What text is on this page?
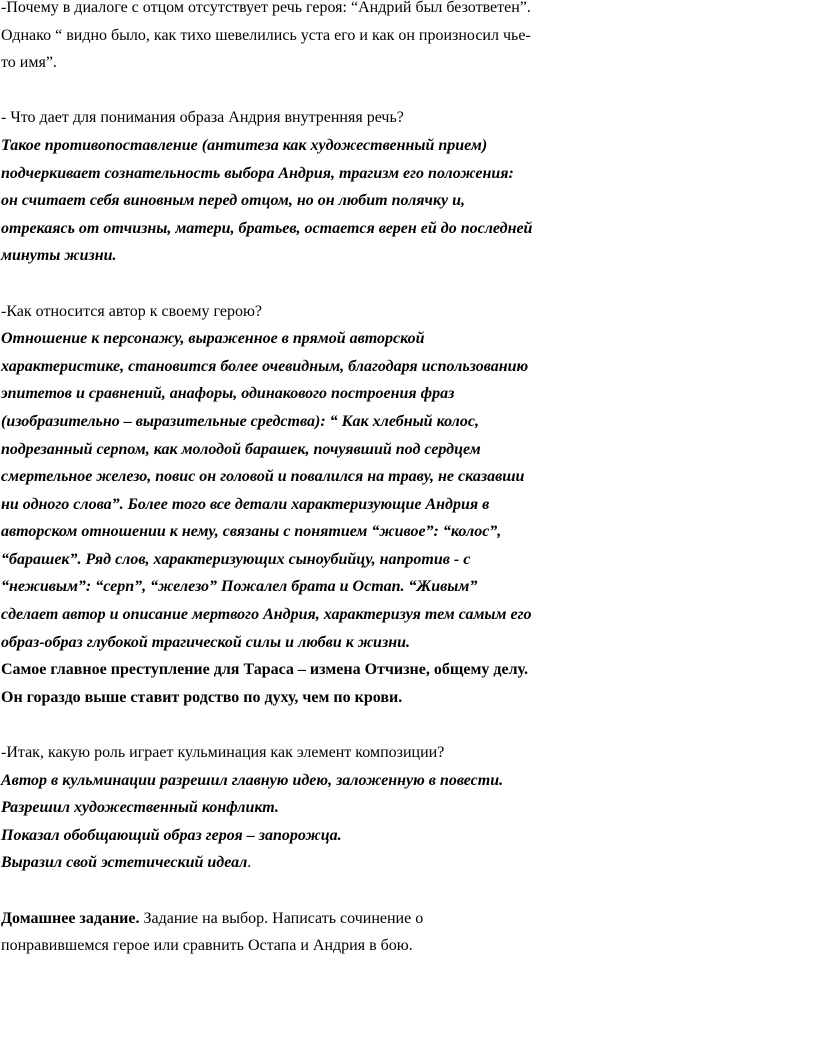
-Почему в диалоге с отцом отсутствует речь героя: “Андрий был безответен”.
Однако “ видно было, как тихо шевелились уста его и как он произносил чье-
то имя”.
- Что дает для понимания образа Андрия внутренняя речь?
Такое противопоставление (антитеза как художественный прием)
подчеркивает сознательность выбора Андрия, трагизм его положения:
он считает себя виновным перед отцом, но он любит полячку и,
отрекаясь от отчизны, матери, братьев, остается верен ей до последней
минуты жизни.
-Как относится автор к своему герою?
Отношение к персонажу, выраженное в прямой авторской
характеристике, становится более очевидным, благодаря использованию
эпитетов и сравнений, анафоры, одинакового построения фраз
(изобразительно – выразительные средства): “ Как хлебный колос,
подрезанный серпом, как молодой барашек, почуявший под сердцем
смертельное железо, повис он головой и повалился на траву, не сказавши
ни одного слова”. Более того все детали характеризующие Андрия в
авторском отношении к нему, связаны с понятием “живое”: “колос”,
“барашек”. Ряд слов, характеризующих сыноубийцу, напротив - с
“неживым”: “серп”, “железо” Пожалел брата и Остап. “Живым”
сделает автор и описание мертвого Андрия, характеризуя тем самым его
образ-образ глубокой трагической силы и любви к жизни.
Самое главное преступление для Тараса – измена Отчизне, общему делу.
Он гораздо выше ставит родство по духу, чем по крови.
-Итак, какую роль играет кульминация как элемент композиции?
Автор в кульминации разрешил главную идею, заложенную в повести.
Разрешил художественный конфликт.
Показал обобщающий образ героя – запорожца.
Выразил свой эстетический идеал.
Домашнее задание. Задание на выбор. Написать сочинение о
понравившемся герое или сравнить Остапа и Андрия в бою.
